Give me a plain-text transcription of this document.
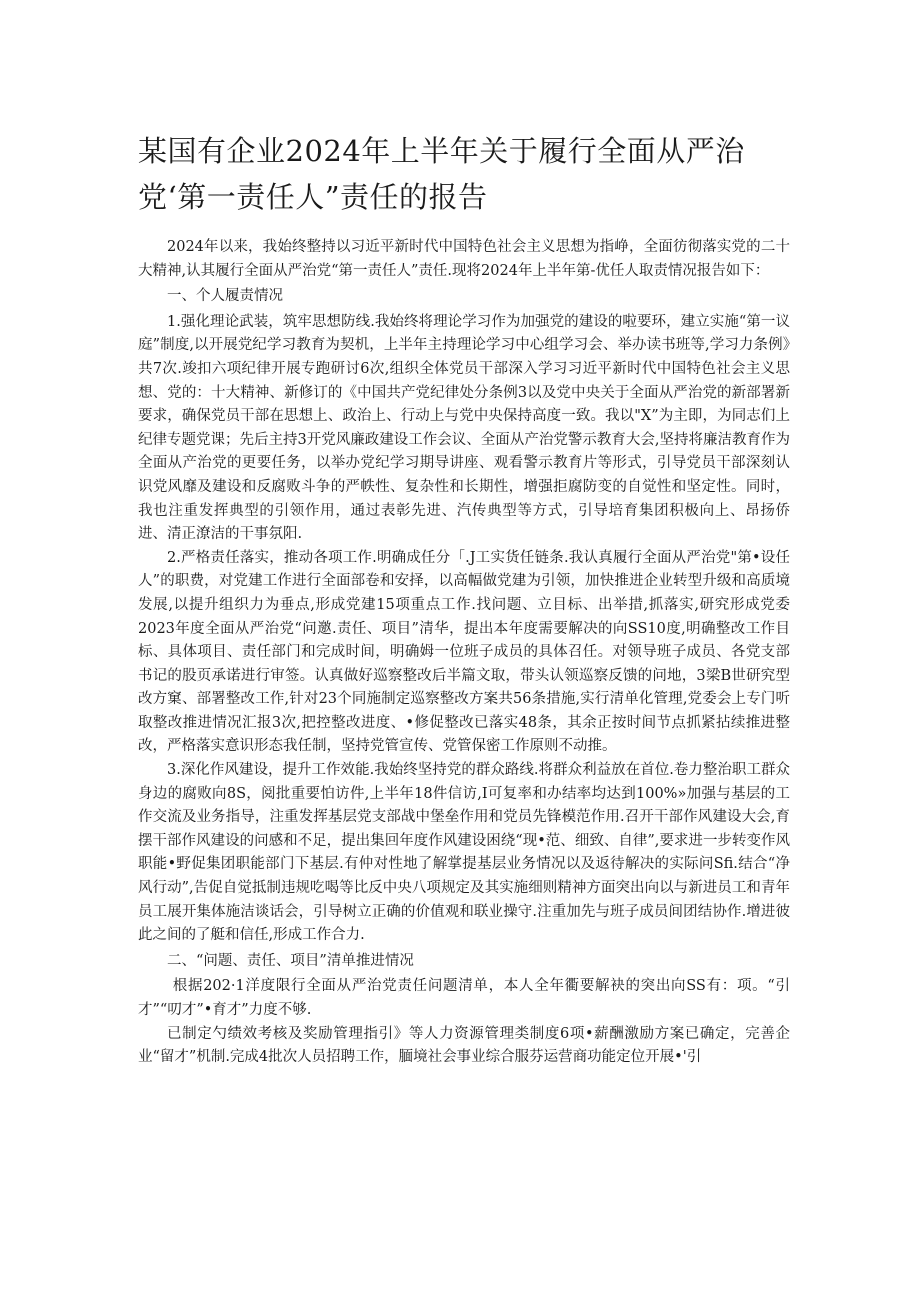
某国有企业2024年上半年关于履行全面从严治党‘第一责任人”责任的报告

2024年以来，我始终整持以习近平新时代中国特色社会主义思想为指峥，全面彷彻落实党的二十大精神,认其履行全面从严治党“第一责任人”责任.现将2024年上半年第-优任人取责情况报告如下：

一、个人履责情况

1.强化理论武装，筑牢思想防线.我始终将理论学习作为加强党的建设的啦要环，建立实施“第一议庭”制度,以开展党纪学习教育为契机，上半年主持理论学习中心组学习会、举办读书班等,学习力条例》共7次.竣扣六项纪律开展专跑研讨6次,组织全体党员干部深入学习习近平新时代中国特色社会主义思想、党的：十大精神、新修订的《中国共产党纪律处分条例3以及党中央关于全面从严治党的新部署新要求，确保党员干部在思想上、政治上、行动上与党中央保持高度一致。我以"X”为主即，为同志们上纪律专题党课；先后主持3开党风廉政建设工作会议、全面从产治党警示教育大会,坚持将廉洁教育作为全面从产治党的更要任务，以举办党纪学习期导讲座、观看警示教育片等形式，引导党员干部深刻认识党风靡及建设和反腐败斗争的严帙性、复杂性和长期性，增强拒腐防变的自觉性和坚定性。同时，我也注重发挥典型的引领作用，通过表彰先进、汽传典型等方式，引导培育集团积极向上、昂扬侨进、清正潦洁的干事氛阳.

2.严格责任落实，推动各项工作.明确成任分「.J工实货任链条.我认真履行全面从严治党"第•设任人”的职费，对党建工作进行全面部卷和安择，以高幅做党建为引领，加快推进企业转型升级和高质境发展,以提升组织力为垂点,形成党建15项重点工作.找问题、立目标、出举措,抓落实,研究形成党委2023年度全面从严治党“问邀.责任、项目”清华，提出本年度需要解决的向SS10度,明确整改工作目标、具体项目、责任部门和完成时间，明确姆一位班子成员的具体召任。对领导班子成员、各党支部书记的股页承诺进行审签。认真做好巡察整改后半篇文取，带头认领巡察反馈的问地，3梁B世研究型改方窠、部署整改工作,针对23个同施制定巡察整改方案共56条措施,实行清单化管理,党委会上专门听取整改推进情况汇报3次,把控整改进度、•修促整改已落实48条，其余正按时间节点抓紧拈续推进整改，严格落实意识形态我任制，坚持党管宣传、党管保密工作原则不动推。

3.深化作风建设，提升工作效能.我始终坚持党的群众路线.将群众利益放在首位.卷力整治职工群众身边的腐败向8S，阅批重要怕访件,上半年18件信访,I可复率和办结率均达到100%»加强与基层的工作交流及业务指导，注重发挥基层党支部战中堡垒作用和党员先锋模范作用.召开干部作风建设大会,育摆干部作风建设的问感和不足，提出集回年度作风建设困绕“现•范、细致、自律”,要求进一步转变作风职能•野促集团职能部门下基层.有仲对性地了解掌提基层业务情况以及返待解决的实际问Sfi.结合“净风行动”,告促自觉抵制违规吃喝等比反中央八项规定及其实施细则精神方面突出向以与新进员工和青年员工展开集体施洁谈话会，引导树立正确的价值观和联业操守.注重加先与班子成员间团结协作.增进彼此之间的了艇和信任,形成工作合力.

二、“问题、责任、项目”清单推进情况

根据202·1洋度限行全面从严治党责任问题清单，本人全年衢要解袂的突出向SS有：项。“引才”“叨才”•育才”力度不够.

已制定勺绩效考核及奖励管理指引》等人力资源管理类制度6项•薪酬激励方案已确定，完善企业“留才”机制.完成4批次人员招聘工作，腼境社会事业综合服芬运营商功能定位开展•'引
